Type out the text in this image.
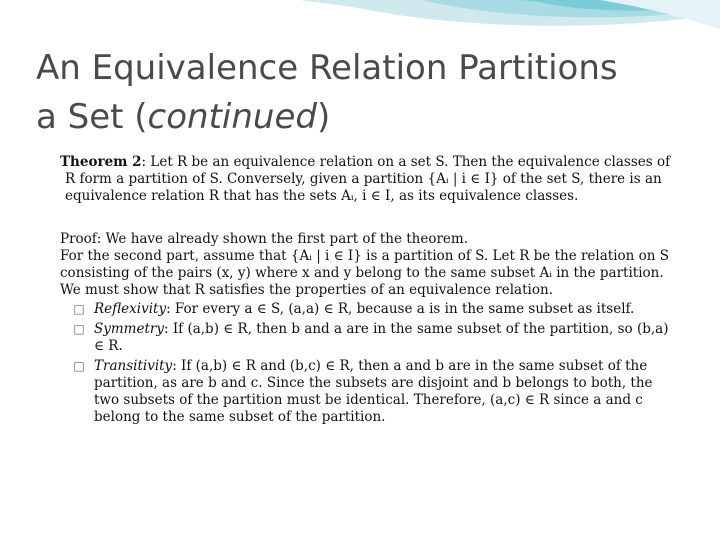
An Equivalence Relation Partitions
a Set (continued)

Theorem 2: Let R be an equivalence relation on a set S. Then the equivalence classes of R form a partition of S. Conversely, given a partition {Aᵢ | i ∈ I} of the set S, there is an equivalence relation R that has the sets Aᵢ, i ∈ I, as its equivalence classes.

Proof: We have already shown the first part of the theorem.

For the second part, assume that {Aᵢ | i ∈ I} is a partition of S. Let R be the relation on S consisting of the pairs (x, y) where x and y belong to the same subset Aᵢ in the partition. We must show that R satisfies the properties of an equivalence relation.

□ Reflexivity: For every a ∈ S, (a,a) ∈ R, because a is in the same subset as itself.
□ Symmetry: If (a,b) ∈ R, then b and a are in the same subset of the partition, so (b,a) ∈ R.
□ Transitivity: If (a,b) ∈ R and (b,c) ∈ R, then a and b are in the same subset of the partition, as are b and c. Since the subsets are disjoint and b belongs to both, the two subsets of the partition must be identical. Therefore, (a,c) ∈ R since a and c belong to the same subset of the partition.
